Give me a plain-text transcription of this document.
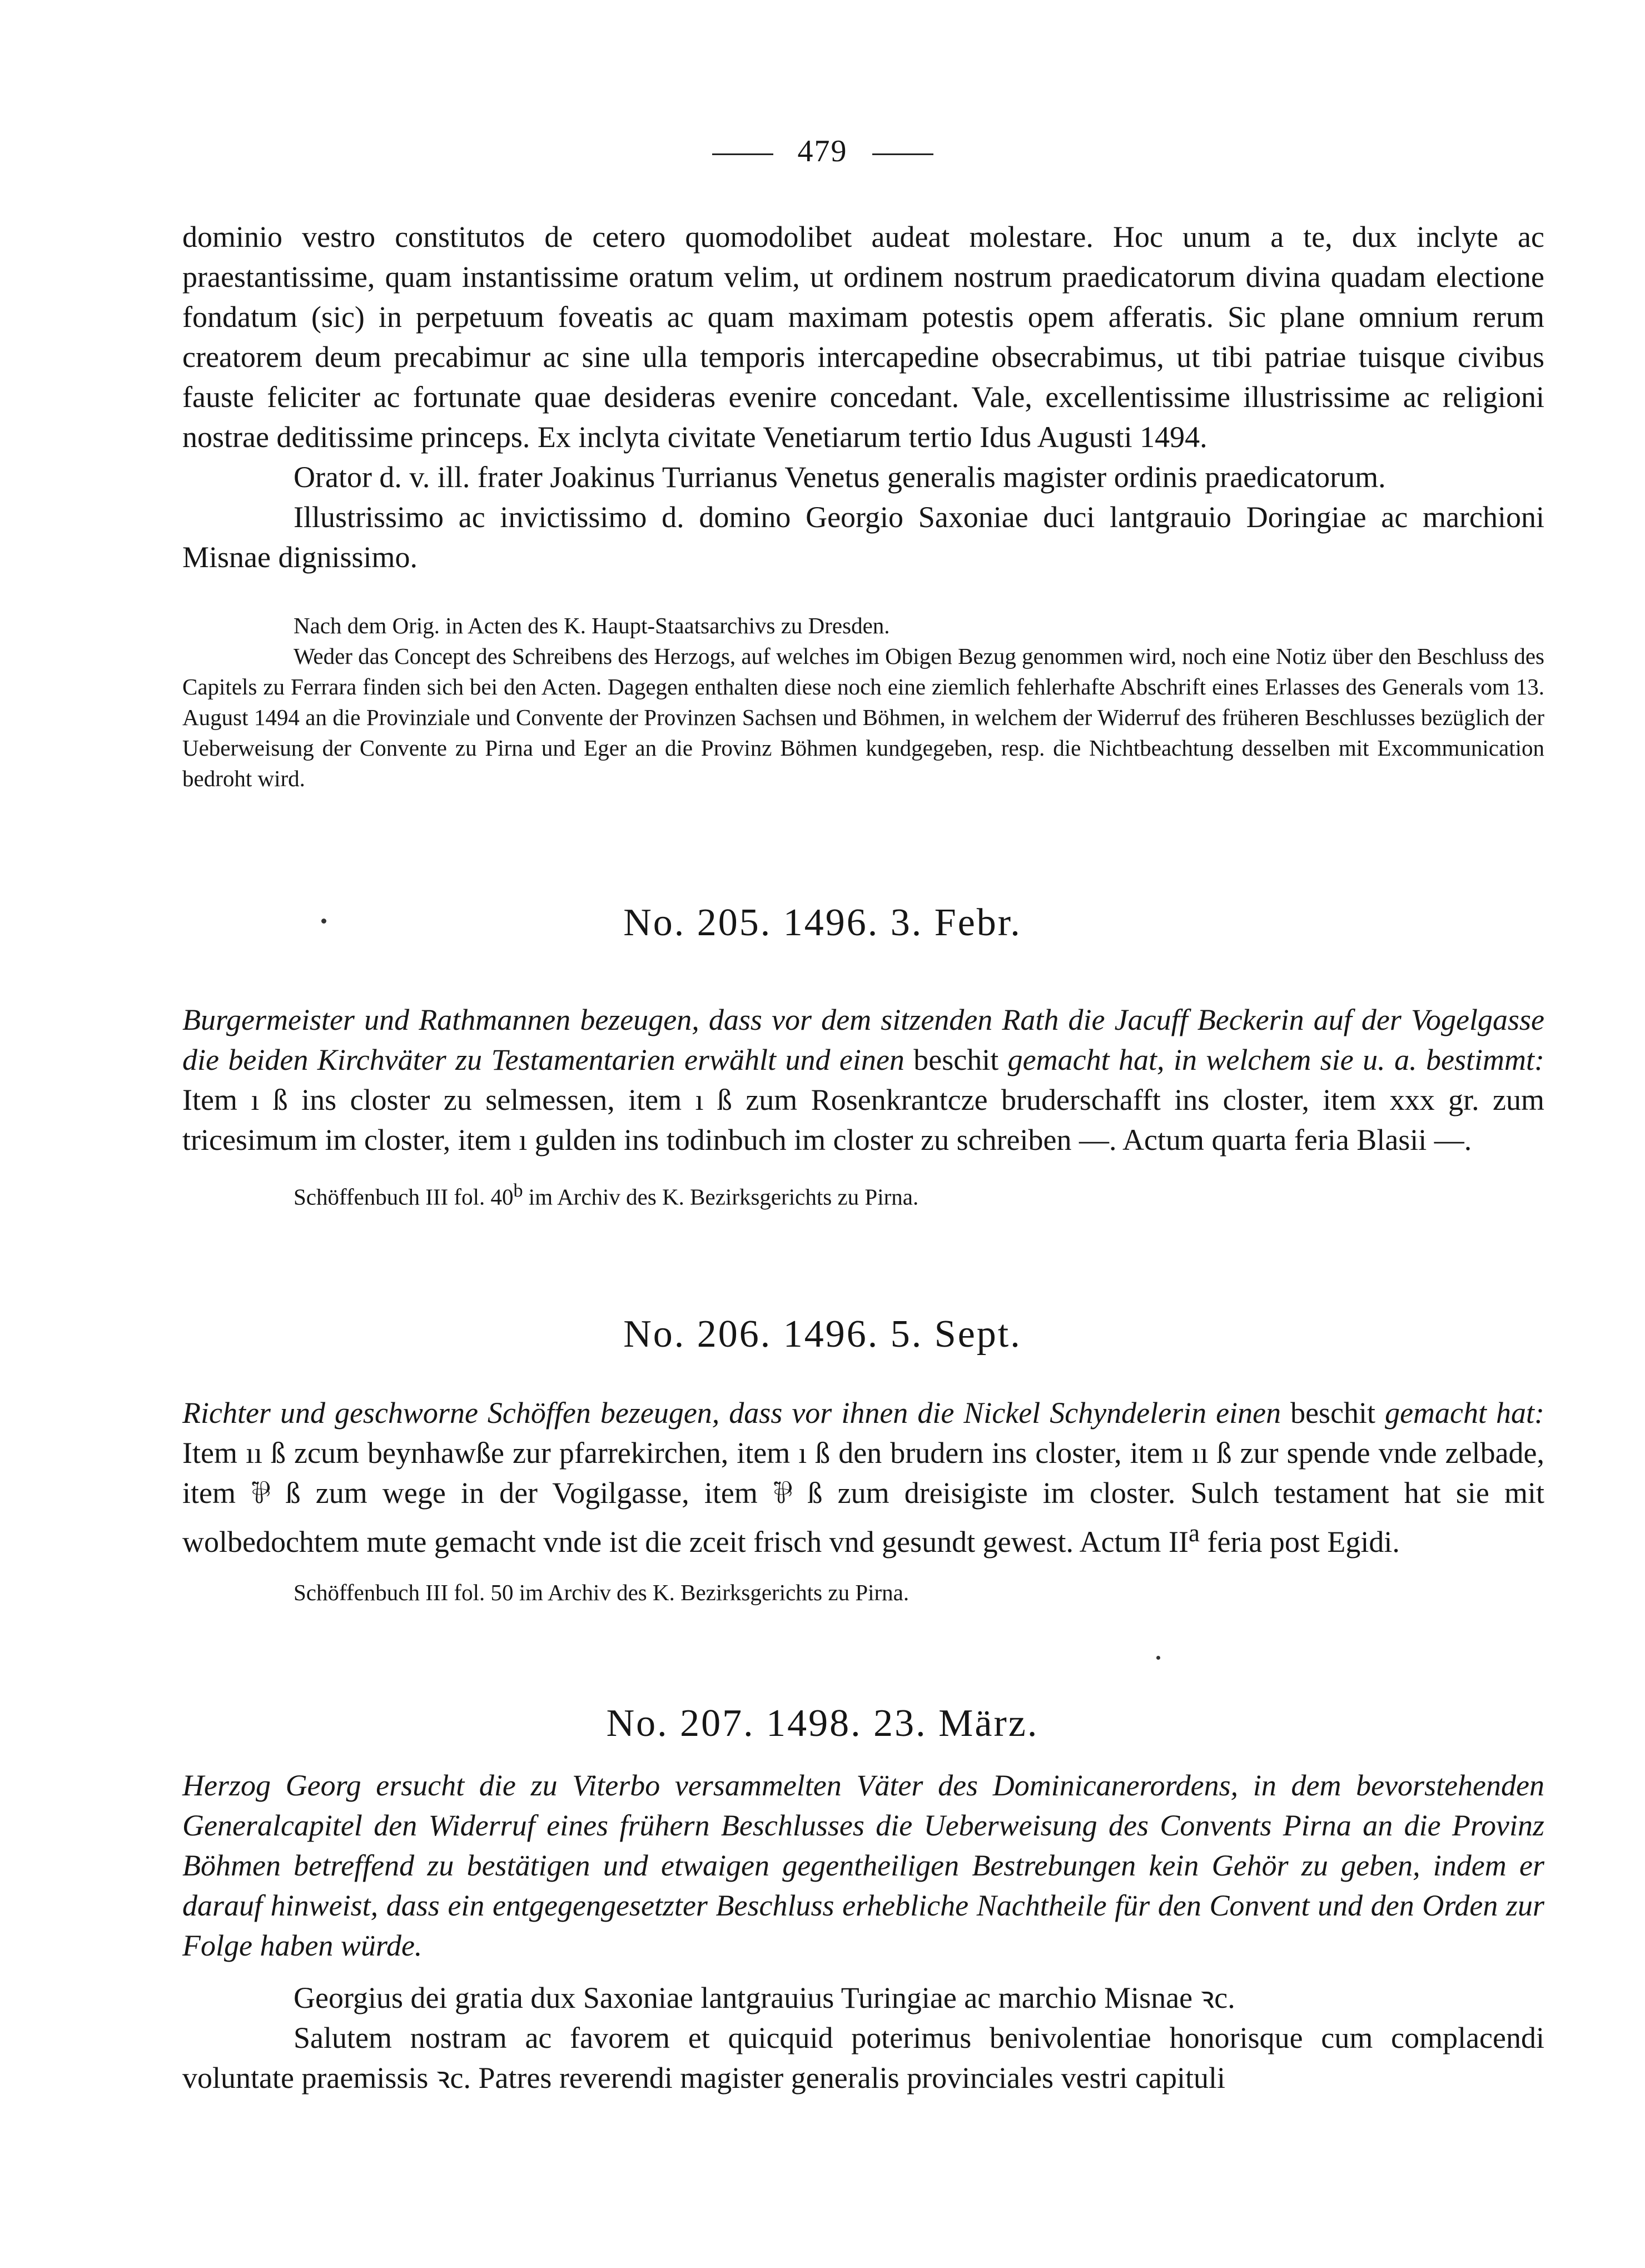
479

dominio vestro constitutos de cetero quomodolibet audeat molestare. Hoc unum a te, dux inclyte ac praestantissime, quam instantissime oratum velim, ut ordinem nostrum praedicatorum divina quadam electione fondatum (sic) in perpetuum foveatis ac quam maximam potestis opem afferatis. Sic plane omnium rerum creatorem deum precabimur ac sine ulla temporis intercapedine obsecrabimus, ut tibi patriae tuisque civibus fauste feliciter ac fortunate quae desideras evenire concedant. Vale, excellentissime illustrissime ac religioni nostrae deditissime princeps. Ex inclyta civitate Venetiarum tertio Idus Augusti 1494.

Orator d. v. ill. frater Joakinus Turrianus Venetus generalis magister ordinis praedicatorum.

Illustrissimo ac invictissimo d. domino Georgio Saxoniae duci lantgrauio Doringiae ac marchioni Misnae dignissimo.

Nach dem Orig. in Acten des K. Haupt-Staatsarchivs zu Dresden.

Weder das Concept des Schreibens des Herzogs, auf welches im Obigen Bezug genommen wird, noch eine Notiz über den Beschluss des Capitels zu Ferrara finden sich bei den Acten. Dagegen enthalten diese noch eine ziemlich fehlerhafte Abschrift eines Erlasses des Generals vom 13. August 1494 an die Provinziale und Convente der Provinzen Sachsen und Böhmen, in welchem der Widerruf des früheren Beschlusses bezüglich der Ueberweisung der Convente zu Pirna und Eger an die Provinz Böhmen kundgegeben, resp. die Nichtbeachtung desselben mit Excommunication bedroht wird.

No. 205. 1496. 3. Febr.

Burgermeister und Rathmannen bezeugen, dass vor dem sitzenden Rath die Jacuff Beckerin auf der Vogelgasse die beiden Kirchväter zu Testamentarien erwählt und einen beschit gemacht hat, in welchem sie u. a. bestimmt: Item ı ß ins closter zu selmessen, item ı ß zum Rosenkrantcze bruderschafft ins closter, item xxx gr. zum tricesimum im closter, item ı gulden ins todinbuch im closter zu schreiben —. Actum quarta feria Blasii —.

Schöffenbuch III fol. 40$^b$ im Archiv des K. Bezirksgerichts zu Pirna.

No. 206. 1496. 5. Sept.

Richter und geschworne Schöffen bezeugen, dass vor ihnen die Nickel Schyndelerin einen beschit gemacht hat: Item ıı ß zcum beynhawße zur pfarrekirchen, item ı ß den brudern ins closter, item ıı ß zur spende vnde zelbade, item ⅌ ß zum wege in der Vogilgasse, item ⅌ ß zum dreisigiste im closter. Sulch testament hat sie mit wolbedochtem mute gemacht vnde ist die zceit frisch vnd gesundt gewest. Actum $II^a$ feria post Egidi.

Schöffenbuch III fol. 50 im Archiv des K. Bezirksgerichts zu Pirna.

No. 207. 1498. 23. März.

Herzog Georg ersucht die zu Viterbo versammelten Väter des Dominicanerordens, in dem bevorstehenden Generalcapitel den Widerruf eines frühern Beschlusses die Ueberweisung des Convents Pirna an die Provinz Böhmen betreffend zu bestätigen und etwaigen gegentheiligen Bestrebungen kein Gehör zu geben, indem er darauf hinweist, dass ein entgegengesetzter Beschluss erhebliche Nachtheile für den Convent und den Orden zur Folge haben würde.

Georgius dei gratia dux Saxoniae lantgrauius Turingiae ac marchio Misnae ꝛc.

Salutem nostram ac favorem et quicquid poterimus benivolentiae honorisque cum complacendi voluntate praemissis ꝛc. Patres reverendi magister generalis provinciales vestri capituli
